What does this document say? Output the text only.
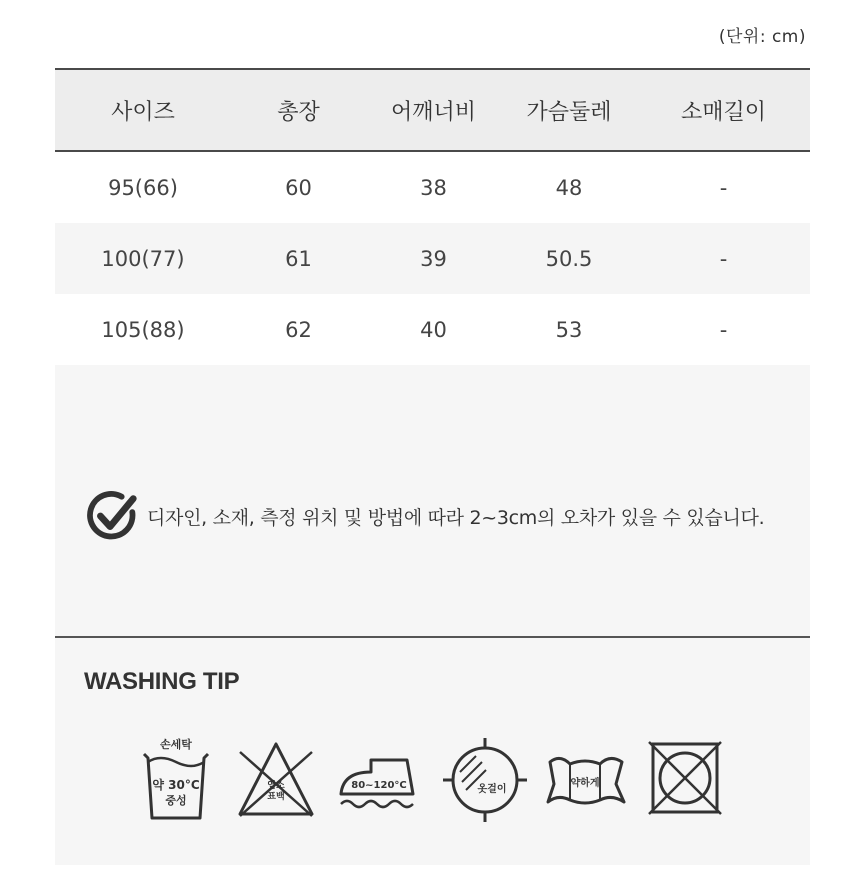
(단위: cm)
사이즈	총장	어깨너비	가슴둘레	소매길이
95(66)	60	38	48	-
100(77)	61	39	50.5	-
105(88)	62	40	53	-
디자인, 소재, 측정 위치 및 방법에 따라 2~3cm의 오차가 있을 수 있습니다.
WASHING TIP
손세탁
약 30°C
중성
염소
표백
80~120°C	옷걸이
약하게
